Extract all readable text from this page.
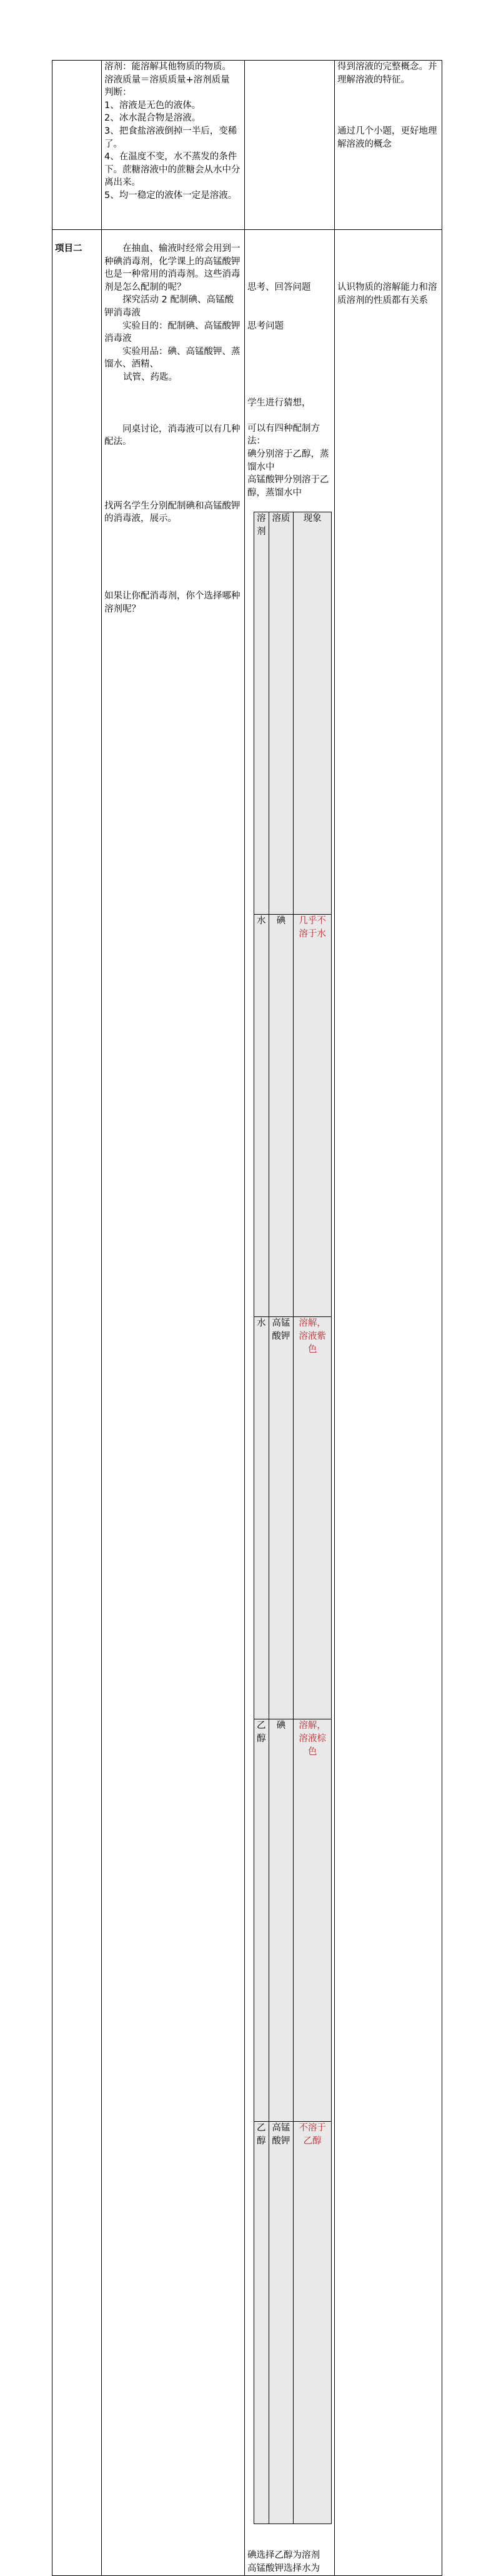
溶剂：能溶解其他物质的物质。
溶液质量＝溶质质量+溶剂质量
判断：
1、溶液是无色的液体。
2、冰水混合物是溶液。
3、把食盐溶液倒掉一半后，变稀了。
4、在温度不变，水不蒸发的条件下。蔗糖溶液中的蔗糖会从水中分离出来。
5、均一稳定的液体一定是溶液。

得到溶液的完整概念。并理解溶液的特征。
通过几个小题，更好地理解溶液的概念

项目二	在抽血、输液时经常会用到一种碘消毒剂，化学课上的高锰酸钾也是一种常用的消毒剂。这些消毒剂是怎么配制的呢？
探究活动 2 配制碘、高锰酸钾消毒液
实验目的：配制碘、高锰酸钾消毒液
实验用品：碘、高锰酸钾、蒸馏水、酒精、
试管、药匙。
同桌讨论，消毒液可以有几种配法。
找两名学生分别配制碘和高锰酸钾的消毒液，展示。
如果让你配消毒剂，你个选择哪种溶剂呢？

思考、回答问题
思考问题
学生进行猜想，
可以有四种配制方法：
碘分别溶于乙醇，蒸馏水中
高锰酸钾分别溶于乙醇，蒸馏水中
溶剂	溶质	现象
水	碘	几乎不溶于水
水	高锰酸钾	溶解，溶液紫色
乙醇	碘	溶解，溶液棕色
乙醇	高锰酸钾	不溶于乙醇
碘选择乙醇为溶剂
高锰酸钾选择水为

认识物质的溶解能力和溶质溶剂的性质都有关系
